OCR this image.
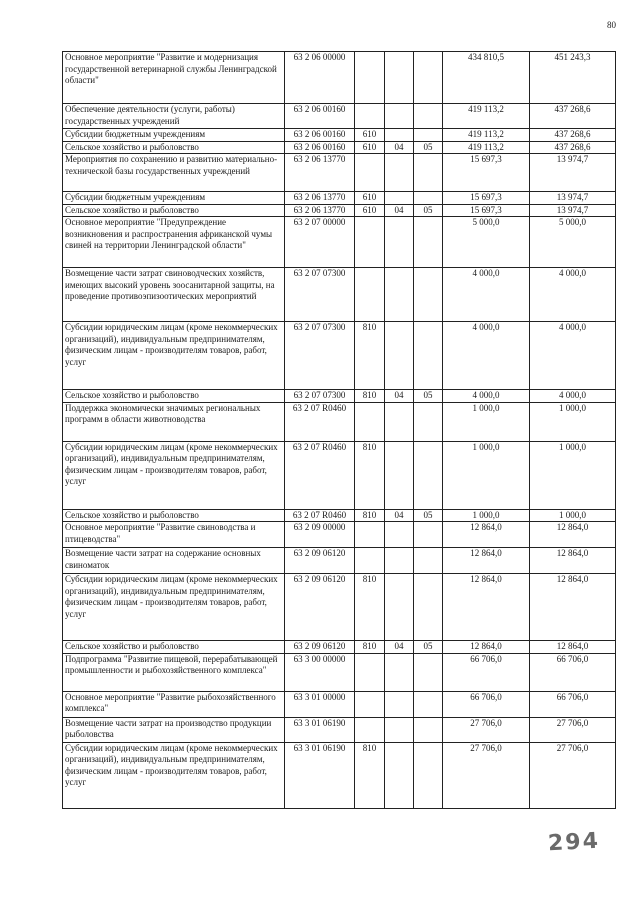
80
Основное мероприятие "Развитие и модернизация государственной ветеринарной службы Ленинградской области"	63 2 06 00000				434 810,5	451 243,3
Обеспечение деятельности (услуги, работы) государственных учреждений	63 2 06 00160				419 113,2	437 268,6
Субсидии бюджетным учреждениям	63 2 06 00160	610			419 113,2	437 268,6
Сельское хозяйство и рыболовство	63 2 06 00160	610	04	05	419 113,2	437 268,6
Мероприятия по сохранению и развитию материально-технической базы государственных учреждений	63 2 06 13770				15 697,3	13 974,7
Субсидии бюджетным учреждениям	63 2 06 13770	610			15 697,3	13 974,7
Сельское хозяйство и рыболовство	63 2 06 13770	610	04	05	15 697,3	13 974,7
Основное мероприятие "Предупреждение возникновения и распространения африканской чумы свиней на территории Ленинградской области"	63 2 07 00000				5 000,0	5 000,0
Возмещение части затрат свиноводческих хозяйств, имеющих высокий уровень зоосанитарной защиты, на проведение противоэпизоотических мероприятий	63 2 07 07300				4 000,0	4 000,0
Субсидии юридическим лицам (кроме некоммерческих организаций), индивидуальным предпринимателям, физическим лицам - производителям товаров, работ, услуг	63 2 07 07300	810			4 000,0	4 000,0
Сельское хозяйство и рыболовство	63 2 07 07300	810	04	05	4 000,0	4 000,0
Поддержка экономически значимых региональных программ в области животноводства	63 2 07 R0460				1 000,0	1 000,0
Субсидии юридическим лицам (кроме некоммерческих организаций), индивидуальным предпринимателям, физическим лицам - производителям товаров, работ, услуг	63 2 07 R0460	810			1 000,0	1 000,0
Сельское хозяйство и рыболовство	63 2 07 R0460	810	04	05	1 000,0	1 000,0
Основное мероприятие "Развитие свиноводства и птицеводства"	63 2 09 00000				12 864,0	12 864,0
Возмещение части затрат на содержание основных свиноматок	63 2 09 06120				12 864,0	12 864,0
Субсидии юридическим лицам (кроме некоммерческих организаций), индивидуальным предпринимателям, физическим лицам - производителям товаров, работ, услуг	63 2 09 06120	810			12 864,0	12 864,0
Сельское хозяйство и рыболовство	63 2 09 06120	810	04	05	12 864,0	12 864,0
Подпрограмма "Развитие пищевой, перерабатывающей промышленности и рыбохозяйственного комплекса"	63 3 00 00000				66 706,0	66 706,0
Основное мероприятие "Развитие рыбохозяйственного комплекса"	63 3 01 00000				66 706,0	66 706,0
Возмещение части затрат на производство продукции рыболовства	63 3 01 06190				27 706,0	27 706,0
Субсидии юридическим лицам (кроме некоммерческих организаций), индивидуальным предпринимателям, физическим лицам - производителям товаров, работ, услуг	63 3 01 06190	810			27 706,0	27 706,0
294
